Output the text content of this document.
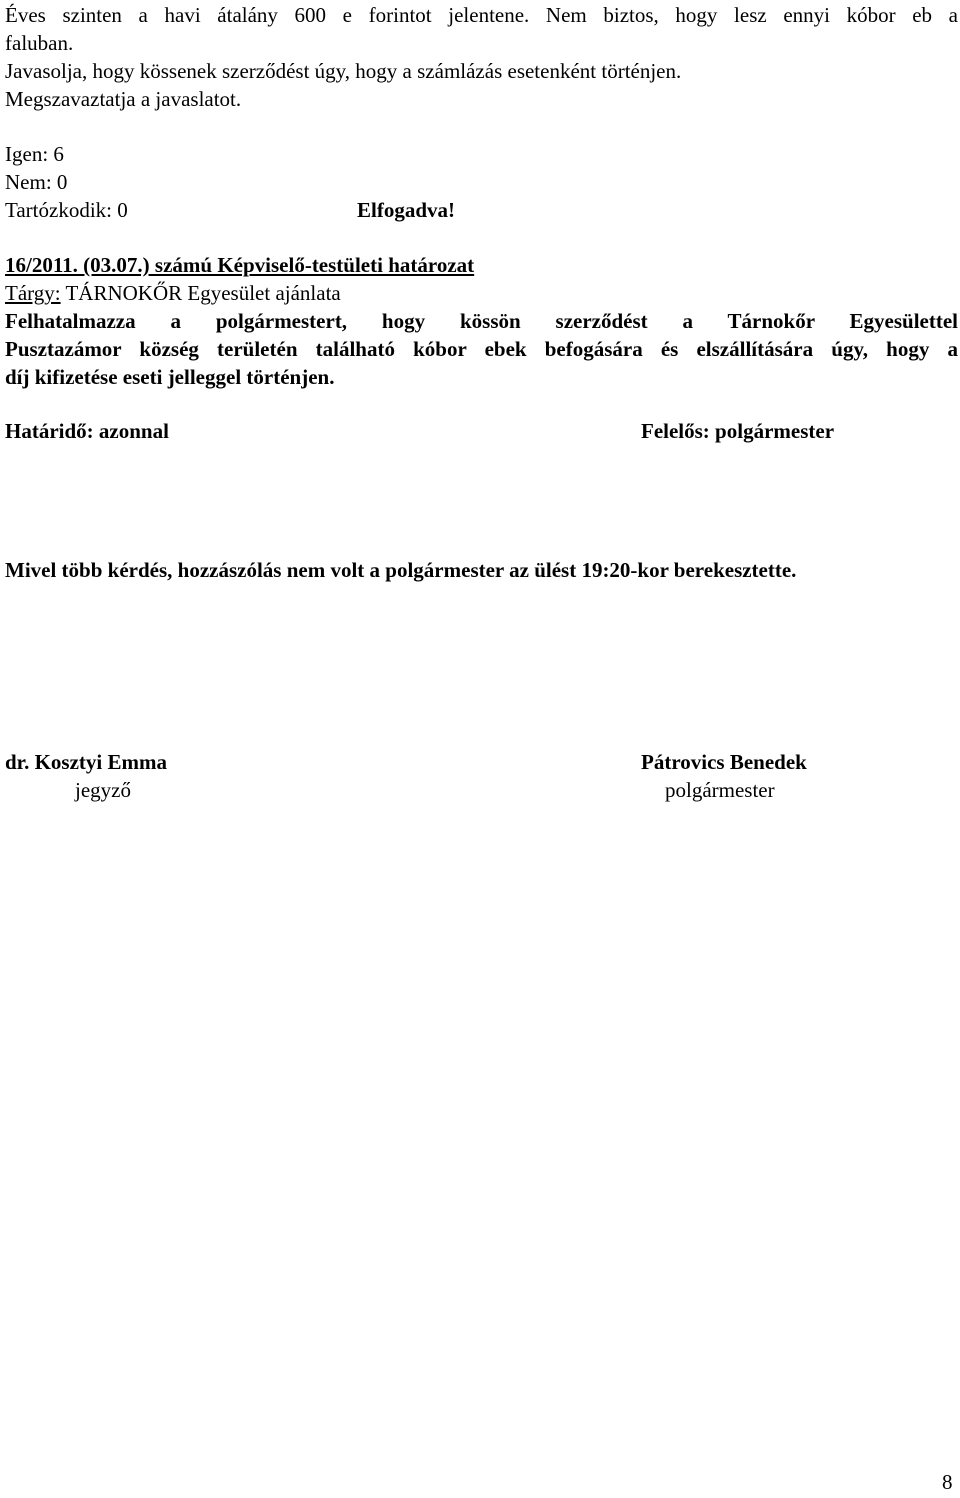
Éves szinten a havi átalány 600 e forintot jelentene. Nem biztos, hogy lesz ennyi kóbor eb a
faluban.
Javasolja, hogy kössenek szerződést úgy, hogy a számlázás esetenként történjen.
Megszavaztatja a javaslatot.
Igen: 6
Nem: 0
Tartózkodik: 0	Elfogadva!
16/2011. (03.07.) számú Képviselő-testületi határozat
Tárgy: TÁRNOKŐR Egyesület ajánlata
Felhatalmazza a polgármestert, hogy kössön szerződést a Tárnokőr Egyesülettel
Pusztazámor község területén található kóbor ebek befogására és elszállítására úgy, hogy a
díj kifizetése eseti jelleggel történjen.
Határidő: azonnal	Felelős: polgármester
Mivel több kérdés, hozzászólás nem volt a polgármester az ülést 19:20-kor berekesztette.
dr. Kosztyi Emma
jegyző
Pátrovics Benedek
polgármester
8
